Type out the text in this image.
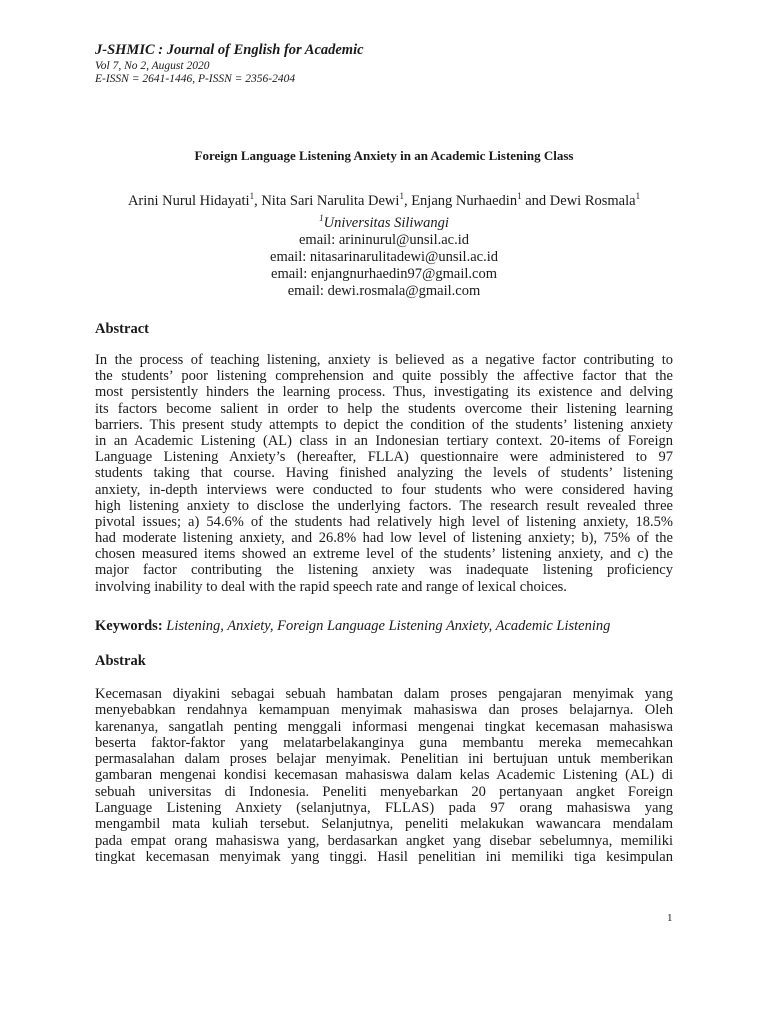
J-SHMIC : Journal of English for Academic
Vol 7, No 2, August 2020
E-ISSN = 2641-1446, P-ISSN = 2356-2404
Foreign Language Listening Anxiety in an Academic Listening Class
Arini Nurul Hidayati$^1$, Nita Sari Narulita Dewi$^1$, Enjang Nurhaedin$^1$ and Dewi Rosmala$^1$
$^1$Universitas Siliwangi
email: arininurul@unsil.ac.id
email: nitasarinarulitadewi@unsil.ac.id
email: enjangnurhaedin97@gmail.com
email: dewi.rosmala@gmail.com
Abstract
In the process of teaching listening, anxiety is believed as a negative factor contributing to
the students’ poor listening comprehension and quite possibly the affective factor that the
most persistently hinders the learning process. Thus, investigating its existence and delving
its factors become salient in order to help the students overcome their listening learning
barriers. This present study attempts to depict the condition of the students’ listening anxiety
in an Academic Listening (AL) class in an Indonesian tertiary context. 20-items of Foreign
Language Listening Anxiety’s (hereafter, FLLA) questionnaire were administered to 97
students taking that course. Having finished analyzing the levels of students’ listening
anxiety, in-depth interviews were conducted to four students who were considered having
high listening anxiety to disclose the underlying factors. The research result revealed three
pivotal issues; a) 54.6% of the students had relatively high level of listening anxiety, 18.5%
had moderate listening anxiety, and 26.8% had low level of listening anxiety; b), 75% of the
chosen measured items showed an extreme level of the students’ listening anxiety, and c) the
major factor contributing the listening anxiety was inadequate listening proficiency
involving inability to deal with the rapid speech rate and range of lexical choices.
Keywords: Listening, Anxiety, Foreign Language Listening Anxiety, Academic Listening
Abstrak
Kecemasan diyakini sebagai sebuah hambatan dalam proses pengajaran menyimak yang
menyebabkan rendahnya kemampuan menyimak mahasiswa dan proses belajarnya. Oleh
karenanya, sangatlah penting menggali informasi mengenai tingkat kecemasan mahasiswa
beserta faktor-faktor yang melatarbelakanginya guna membantu mereka memecahkan
permasalahan dalam proses belajar menyimak. Penelitian ini bertujuan untuk memberikan
gambaran mengenai kondisi kecemasan mahasiswa dalam kelas Academic Listening (AL) di
sebuah universitas di Indonesia. Peneliti menyebarkan 20 pertanyaan angket Foreign
Language Listening Anxiety (selanjutnya, FLLAS) pada 97 orang mahasiswa yang
mengambil mata kuliah tersebut. Selanjutnya, peneliti melakukan wawancara mendalam
pada empat orang mahasiswa yang, berdasarkan angket yang disebar sebelumnya, memiliki
tingkat kecemasan menyimak yang tinggi. Hasil penelitian ini memiliki tiga kesimpulan
1
